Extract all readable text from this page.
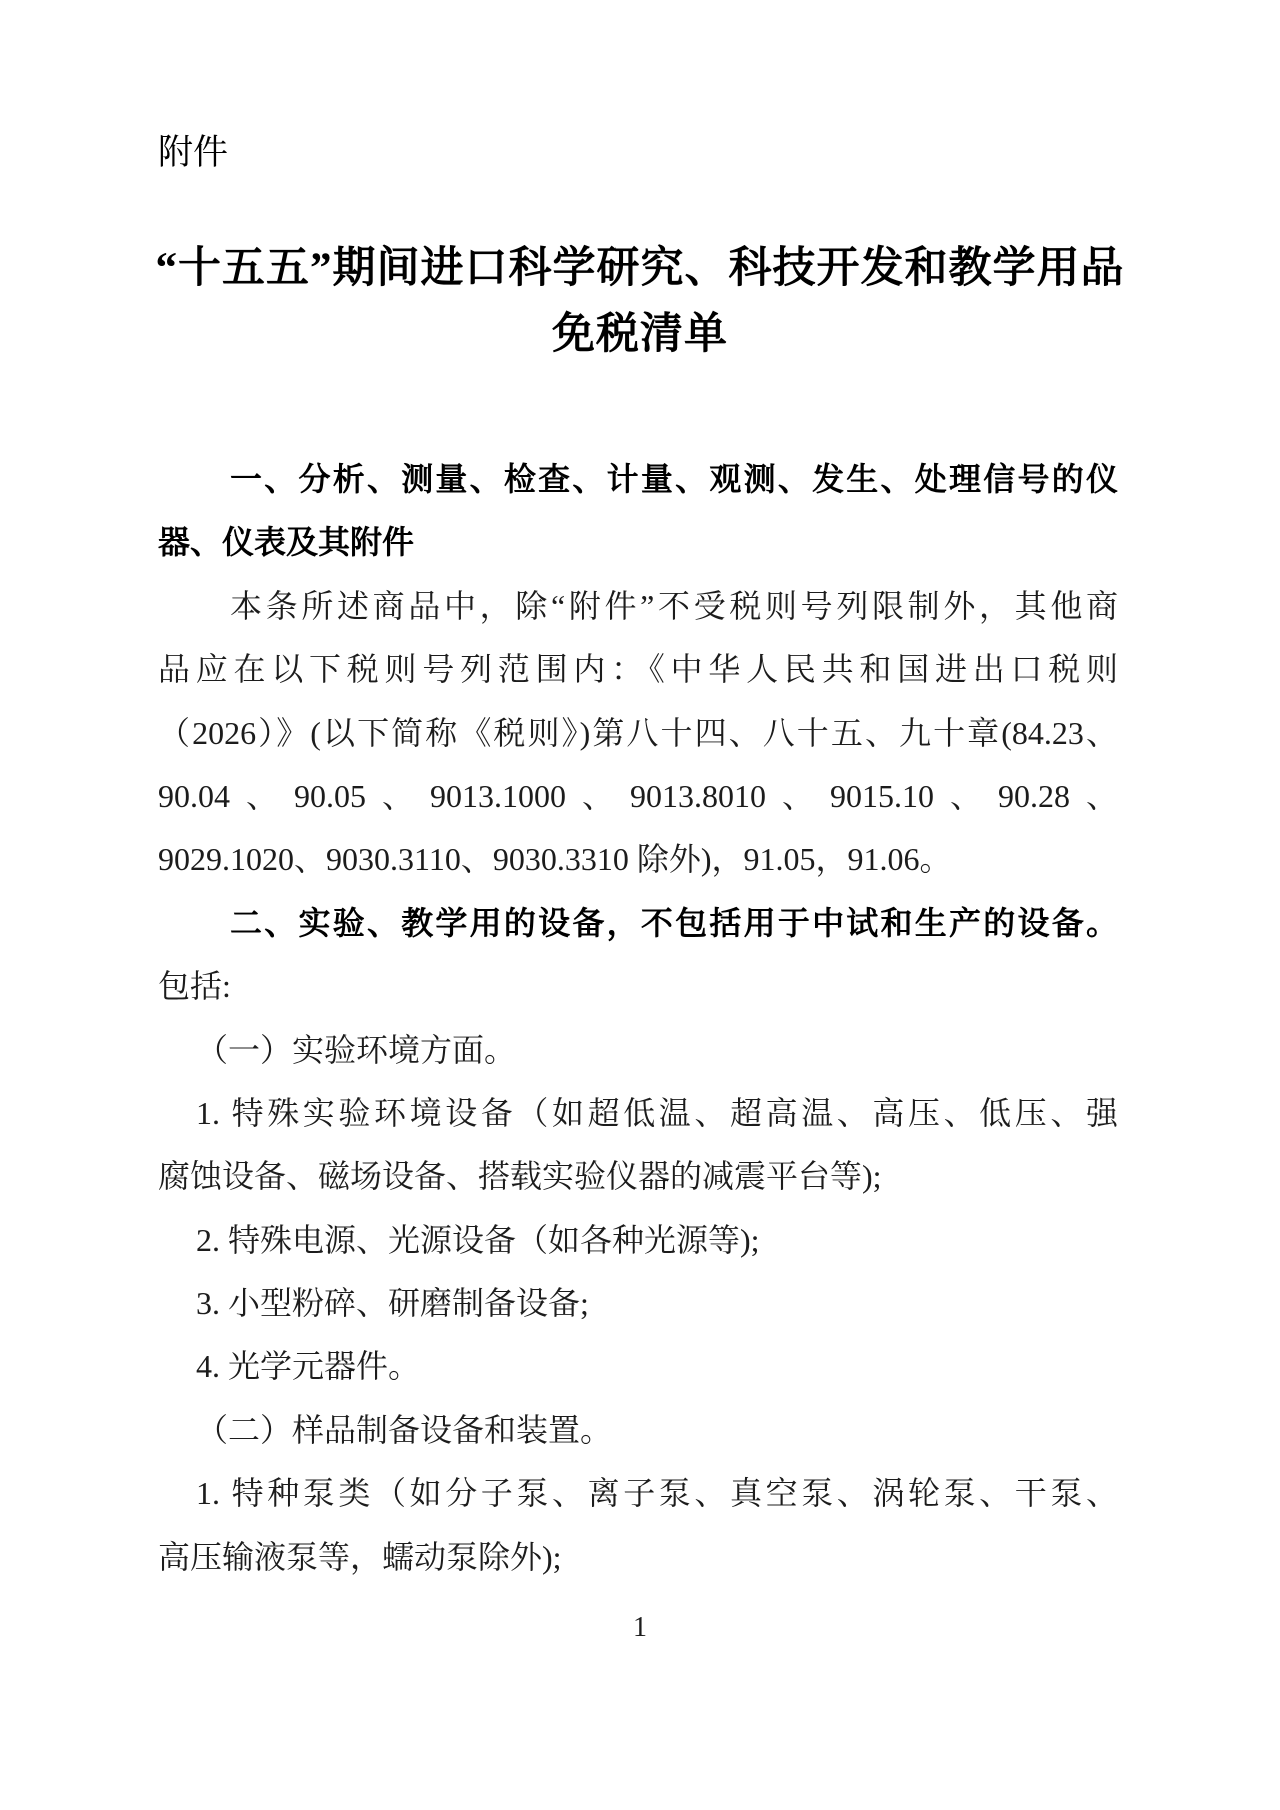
附件
“十五五”期间进口科学研究、科技开发和教学用品
免税清单
一、分析、测量、检查、计量、观测、发生、处理信号的仪
器、仪表及其附件
本条所述商品中，除“附件”不受税则号列限制外，其他商
品应在以下税则号列范围内：《中华人民共和国进出口税则
（2026）》(以下简称《税则》)第八十四、八十五、九十章(84.23、
90.04、90.05、9013.1000、9013.8010、9015.10、90.28、
9029.1020、9030.3110、9030.3310 除外)，91.05，91.06。
二、实验、教学用的设备，不包括用于中试和生产的设备。
包括:
（一）实验环境方面。
1. 特殊实验环境设备（如超低温、超高温、高压、低压、强
腐蚀设备、磁场设备、搭载实验仪器的减震平台等);
2. 特殊电源、光源设备（如各种光源等);
3. 小型粉碎、研磨制备设备;
4. 光学元器件。
（二）样品制备设备和装置。
1. 特种泵类（如分子泵、离子泵、真空泵、涡轮泵、干泵、
高压输液泵等，蠕动泵除外);
1
